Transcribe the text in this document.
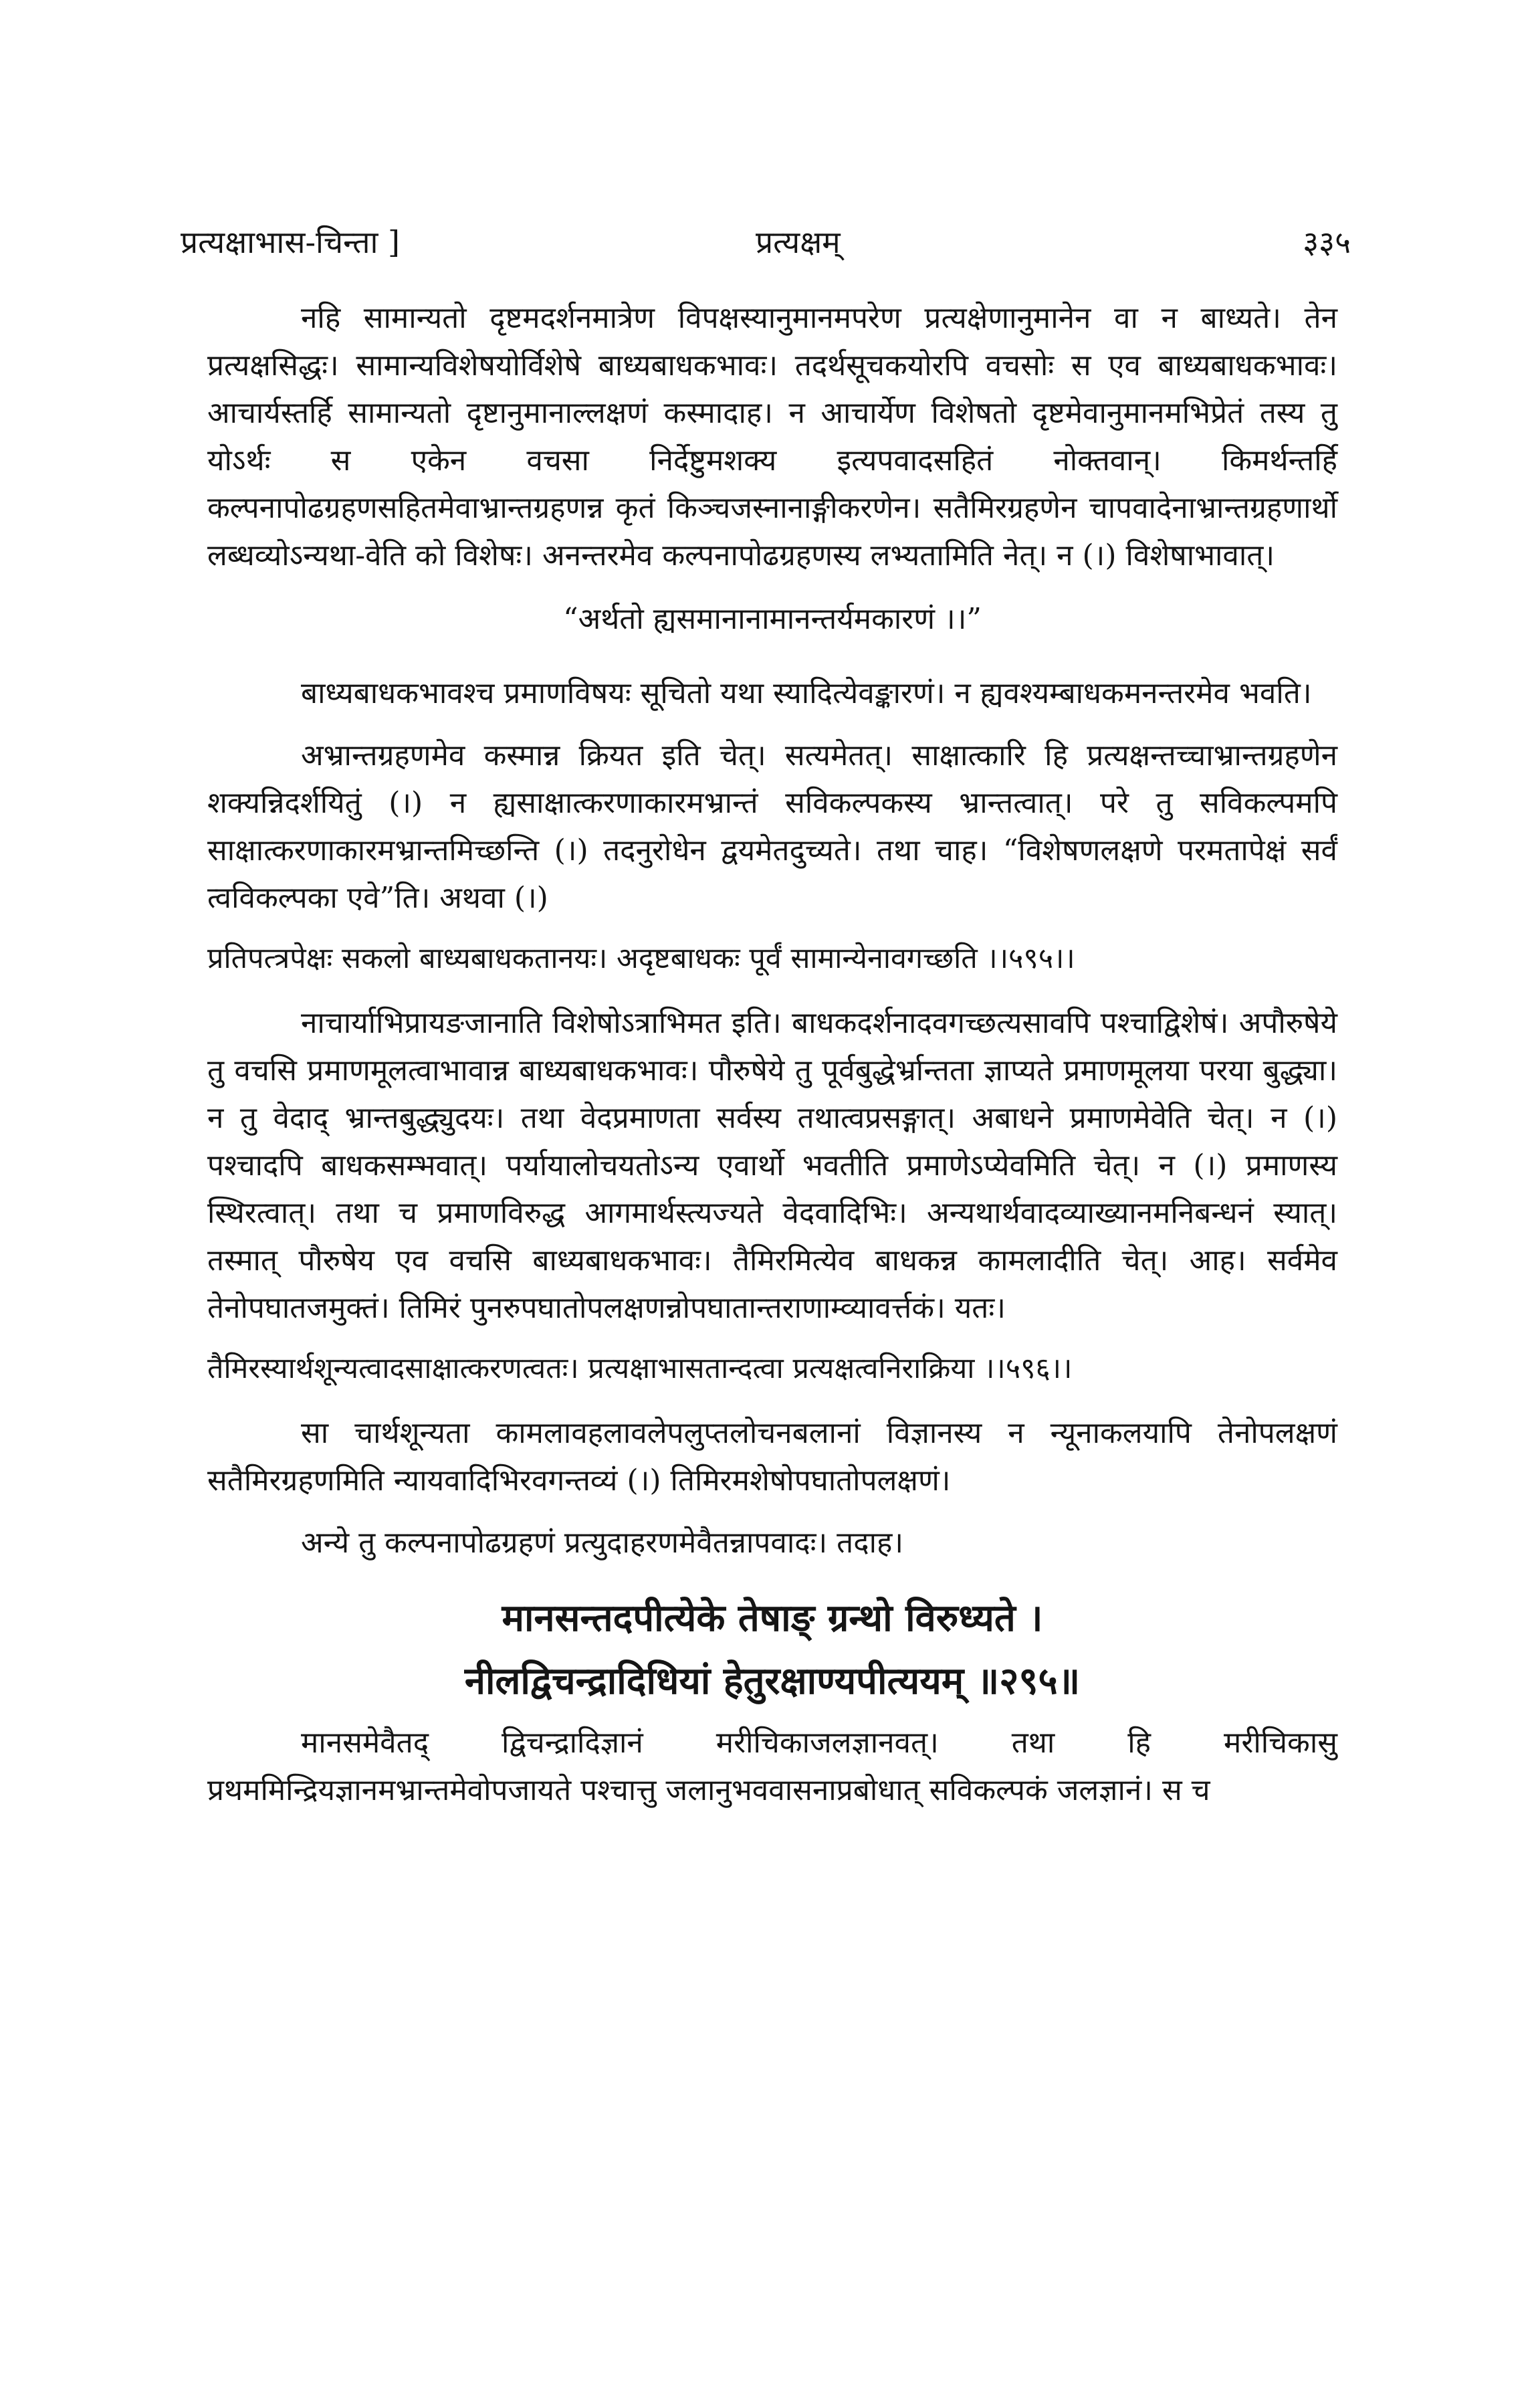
प्रत्यक्षाभास-चिन्ता ]	प्रत्यक्षम्	३३५

नहि सामान्यतो दृष्टमदर्शनमात्रेण विपक्षस्यानुमानमपरेण प्रत्यक्षेणानुमानेन वा न बाध्यते। तेन प्रत्यक्षसिद्धः। सामान्यविशेषयोर्विशेषे बाध्यबाधकभावः। तदर्थसूचकयोरपि वचसोः स एव बाध्यबाधकभावः। आचार्यस्तर्हि सामान्यतो दृष्टानुमानाल्लक्षणं कस्मादाह। न आचार्येण विशेषतो दृष्टमेवानुमानमभिप्रेतं तस्य तु योऽर्थः स एकेन वचसा निर्देष्टुमशक्य इत्यपवादसहितं नोक्तवान्। किमर्थन्तर्हि कल्पनापोढग्रहणसहितमेवाभ्रान्तग्रहणन्न कृतं किञ्चजस्नानाङ्गीकरणेन। सतैमिरग्रहणेन चापवादेनाभ्रान्तग्रहणार्थो लब्धव्योऽन्यथा-वेति को विशेषः। अनन्तरमेव कल्पनापोढग्रहणस्य लभ्यतामिति नेत्। न (।) विशेषाभावात्।

“अर्थतो ह्यसमानानामानन्तर्यमकारणं ।।”

बाध्यबाधकभावश्च प्रमाणविषयः सूचितो यथा स्यादित्येवङ्कारणं। न ह्यवश्यम्बाधकमनन्तरमेव भवति।

अभ्रान्तग्रहणमेव कस्मान्न क्रियत इति चेत्। सत्यमेतत्। साक्षात्कारि हि प्रत्यक्षन्तच्चाभ्रान्तग्रहणेन शक्यन्निदर्शयितुं (।) न ह्यसाक्षात्करणाकारमभ्रान्तं सविकल्पकस्य भ्रान्तत्वात्। परे तु सविकल्पमपि साक्षात्करणाकारमभ्रान्तमिच्छन्ति (।) तदनुरोधेन द्वयमेतदुच्यते। तथा चाह। “विशेषणलक्षणे परमतापेक्षं सर्वं त्वविकल्पका एवे”ति। अथवा (।)

प्रतिपत्त्रपेक्षः सकलो बाध्यबाधकतानयः। अदृष्टबाधकः पूर्वं सामान्येनावगच्छति ।।५९५।।

नाचार्याभिप्रायङजानाति विशेषोऽत्राभिमत इति। बाधकदर्शनादवगच्छत्यसावपि पश्चाद्विशेषं। अपौरुषेये तु वचसि प्रमाणमूलत्वाभावान्न बाध्यबाधकभावः। पौरुषेये तु पूर्वबुद्धेर्भ्रान्तता ज्ञाप्यते प्रमाणमूलया परया बुद्ध्या। न तु वेदाद् भ्रान्तबुद्ध्युदयः। तथा वेदप्रमाणता सर्वस्य तथात्वप्रसङ्गात्। अबाधने प्रमाणमेवेति चेत्। न (।) पश्चादपि बाधकसम्भवात्। पर्यायालोचयतोऽन्य एवार्थो भवतीति प्रमाणेऽप्येवमिति चेत्। न (।) प्रमाणस्य स्थिरत्वात्। तथा च प्रमाणविरुद्ध आगमार्थस्त्यज्यते वेदवादिभिः। अन्यथार्थवादव्याख्यानमनिबन्धनं स्यात्। तस्मात् पौरुषेय एव वचसि बाध्यबाधकभावः। तैमिरमित्येव बाधकन्न कामलादीति चेत्। आह। सर्वमेव तेनोपघातजमुक्तं। तिमिरं पुनरुपघातोपलक्षणन्नोपघातान्तराणाम्व्यावर्त्तकं। यतः।

तैमिरस्यार्थशून्यत्वादसाक्षात्करणत्वतः। प्रत्यक्षाभासतान्दत्वा प्रत्यक्षत्वनिराक्रिया ।।५९६।।

सा चार्थशून्यता कामलावहलावलेपलुप्तलोचनबलानां विज्ञानस्य न न्यूनाकलयापि तेनोपलक्षणं सतैमिरग्रहणमिति न्यायवादिभिरवगन्तव्यं (।) तिमिरमशेषोपघातोपलक्षणं।

अन्ये तु कल्पनापोढग्रहणं प्रत्युदाहरणमेवैतन्नापवादः। तदाह।

मानसन्तदपीत्येके तेषाङ् ग्रन्थो विरुध्यते ।
नीलद्विचन्द्रादिधियां हेतुरक्षाण्यपीत्ययम् ॥२९५॥

मानसमेवैतद् द्विचन्द्रादिज्ञानं मरीचिकाजलज्ञानवत्। तथा हि मरीचिकासु प्रथममिन्द्रियज्ञानमभ्रान्तमेवोपजायते पश्चात्तु जलानुभववासनाप्रबोधात् सविकल्पकं जलज्ञानं। स च
